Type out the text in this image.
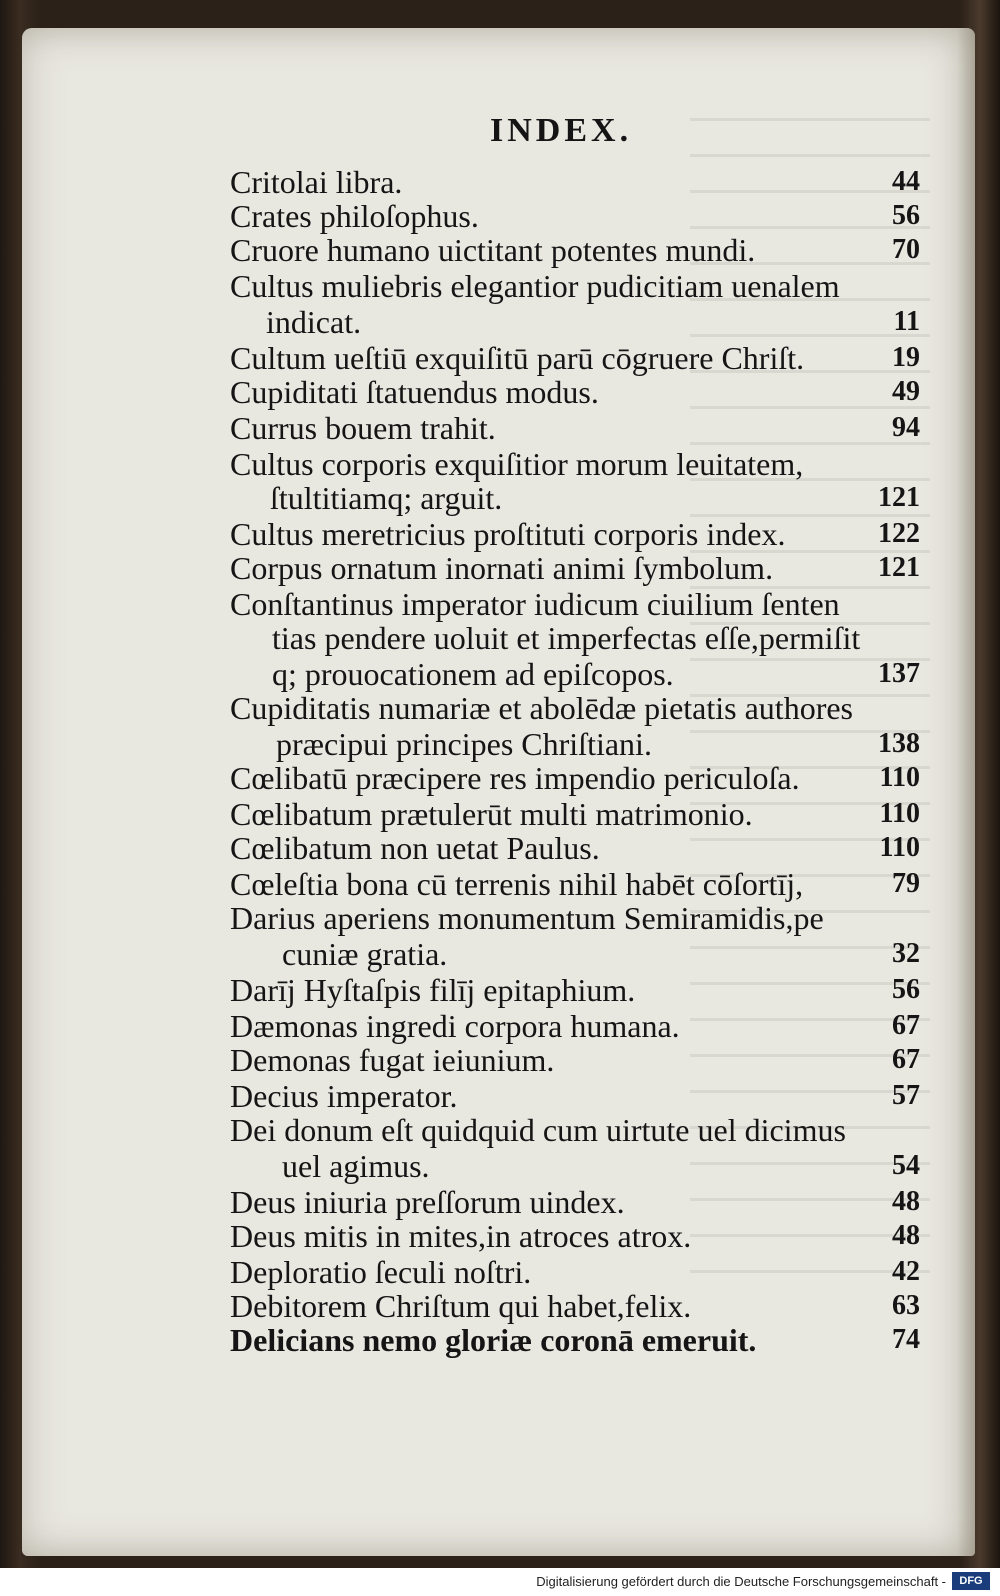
INDEX.
Critolai libra.	44
Crates philoſophus.	56
Cruore humano uictitant potentes mundi.	70
Cultus muliebris elegantior pudicitiam uenalem
indicat.	11
Cultum ueſtiū exquiſitū parū cōgruere Chriſt.	19
Cupiditati ſtatuendus modus.	49
Currus bouem trahit.	94
Cultus corporis exquiſitior morum leuitatem,
ſtultitiamq; arguit.	121
Cultus meretricius proſtituti corporis index.	122
Corpus ornatum inornati animi ſymbolum.	121
Conſtantinus imperator iudicum ciuilium ſenten
tias pendere uoluit et imperfectas eſſe,permiſit
q; prouocationem ad epiſcopos.	137
Cupiditatis numariæ et abolēdæ pietatis authores
præcipui principes Chriſtiani.	138
Cœlibatū præcipere res impendio periculoſa.	110
Cœlibatum prætulerūt multi matrimonio.	110
Cœlibatum non uetat Paulus.	110
Cœleſtia bona cū terrenis nihil habēt cōſortīj,	79
Darius aperiens monumentum Semiramidis,pe
cuniæ gratia.	32
Darīj Hyſtaſpis filīj epitaphium.	56
Dæmonas ingredi corpora humana.	67
Demonas fugat ieiunium.	67
Decius imperator.	57
Dei donum eſt quidquid cum uirtute uel dicimus
uel agimus.	54
Deus iniuria preſſorum uindex.	48
Deus mitis in mites,in atroces atrox.	48
Deploratio ſeculi noſtri.	42
Debitorem Chriſtum qui habet,felix.	63
Delicians nemo gloriæ coronā emeruit.	74
Digitalisierung gefördert durch die Deutsche Forschungsgemeinschaft -	DFG
